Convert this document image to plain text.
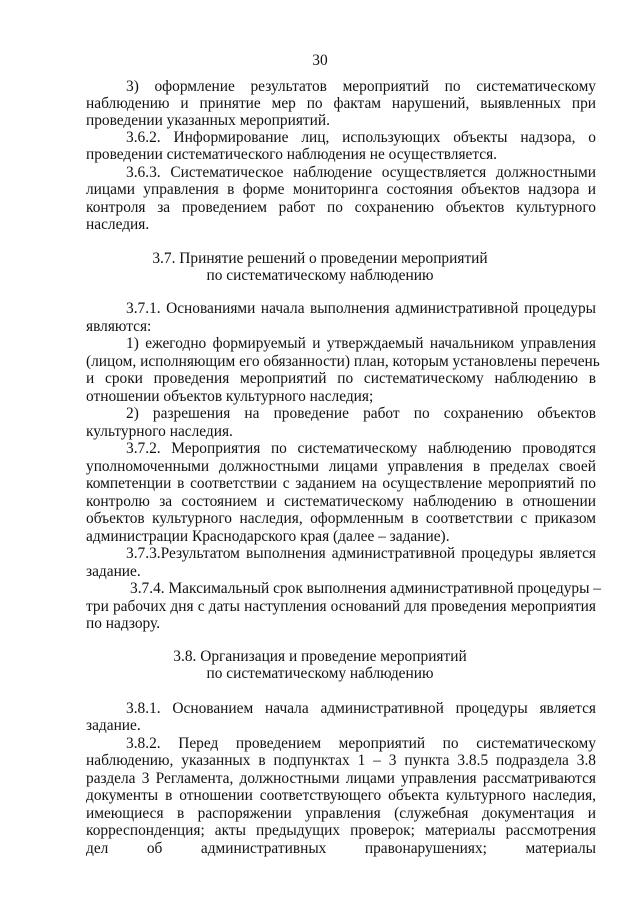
30

3) оформление результатов мероприятий по систематическому

наблюдению и принятие мер по фактам нарушений, выявленных при

проведении указанных мероприятий.

3.6.2. Информирование лиц, использующих объекты надзора, о

проведении систематического наблюдения не осуществляется.

3.6.3. Систематическое наблюдение осуществляется должностными

лицами управления в форме мониторинга состояния объектов надзора и

контроля за проведением работ по сохранению объектов культурного

наследия.

3.7. Принятие решений о проведении мероприятий

по систематическому наблюдению

3.7.1. Основаниями начала выполнения административной процедуры

являются:

1) ежегодно формируемый и утверждаемый начальником управления

(лицом, исполняющим его обязанности) план, которым установлены перечень

и сроки проведения мероприятий по систематическому наблюдению в

отношении объектов культурного наследия;

2) разрешения на проведение работ по сохранению объектов

культурного наследия.

3.7.2. Мероприятия по систематическому наблюдению проводятся

уполномоченными должностными лицами управления в пределах своей

компетенции в соответствии с заданием на осуществление мероприятий по

контролю за состоянием и систематическому наблюдению в отношении

объектов культурного наследия, оформленным в соответствии с приказом

администрации Краснодарского края (далее – задание).

3.7.3.Результатом выполнения административной процедуры является

задание.

3.7.4. Максимальный срок выполнения административной процедуры –

три рабочих дня с даты наступления оснований для проведения мероприятия

по надзору.

3.8. Организация и проведение мероприятий

по систематическому наблюдению

3.8.1. Основанием начала административной процедуры является

задание.

3.8.2. Перед проведением мероприятий по систематическому

наблюдению, указанных в подпунктах 1 – 3 пункта 3.8.5 подраздела 3.8

раздела 3 Регламента, должностными лицами управления рассматриваются

документы в отношении соответствующего объекта культурного наследия,

имеющиеся в распоряжении управления (служебная документация и

корреспонденция; акты предыдущих проверок; материалы рассмотрения

дел об административных правонарушениях; материалы
